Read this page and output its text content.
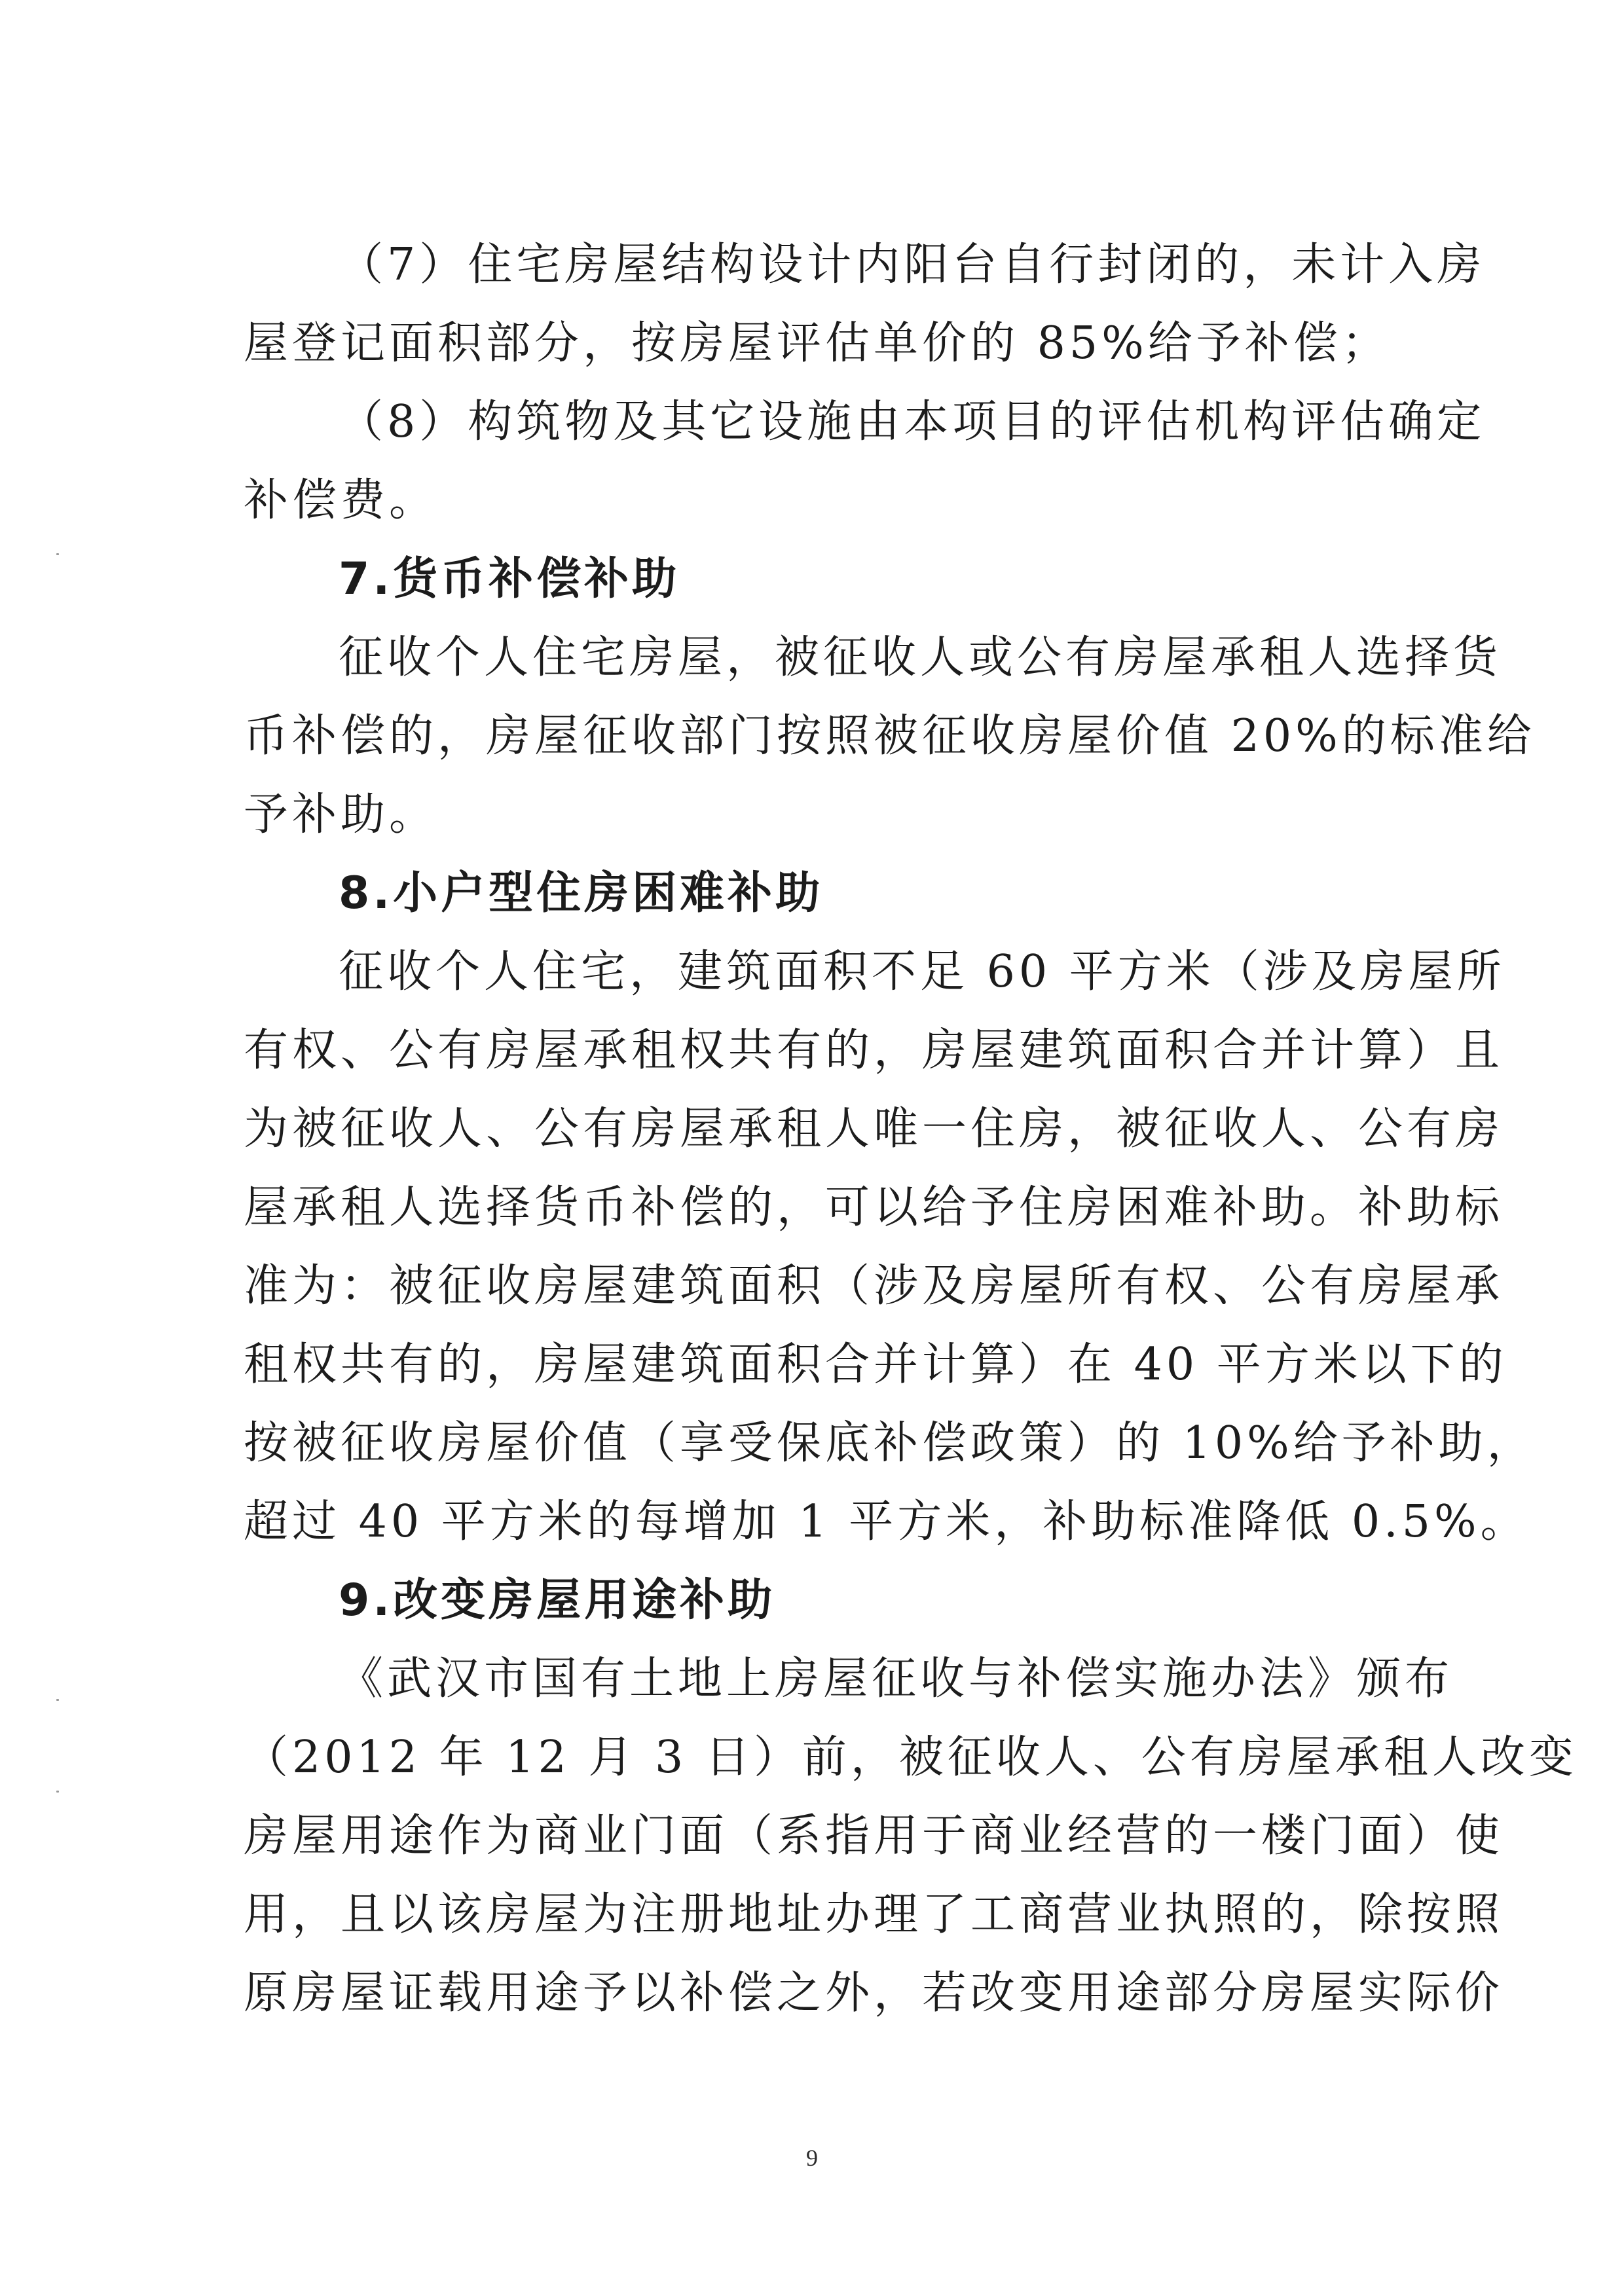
（7）住宅房屋结构设计内阳台自行封闭的，未计入房
屋登记面积部分，按房屋评估单价的 85%给予补偿；
（8）构筑物及其它设施由本项目的评估机构评估确定
补偿费。
7.货币补偿补助
征收个人住宅房屋，被征收人或公有房屋承租人选择货
币补偿的，房屋征收部门按照被征收房屋价值 20%的标准给
予补助。
8.小户型住房困难补助
征收个人住宅，建筑面积不足 60 平方米（涉及房屋所
有权、公有房屋承租权共有的，房屋建筑面积合并计算）且
为被征收人、公有房屋承租人唯一住房，被征收人、公有房
屋承租人选择货币补偿的，可以给予住房困难补助。补助标
准为：被征收房屋建筑面积（涉及房屋所有权、公有房屋承
租权共有的，房屋建筑面积合并计算）在 40 平方米以下的
按被征收房屋价值（享受保底补偿政策）的 10%给予补助，
超过 40 平方米的每增加 1 平方米，补助标准降低 0.5%。
9.改变房屋用途补助
《武汉市国有土地上房屋征收与补偿实施办法》颁布
（2012 年 12 月 3 日）前，被征收人、公有房屋承租人改变
房屋用途作为商业门面（系指用于商业经营的一楼门面）使
用，且以该房屋为注册地址办理了工商营业执照的，除按照
原房屋证载用途予以补偿之外，若改变用途部分房屋实际价
9
